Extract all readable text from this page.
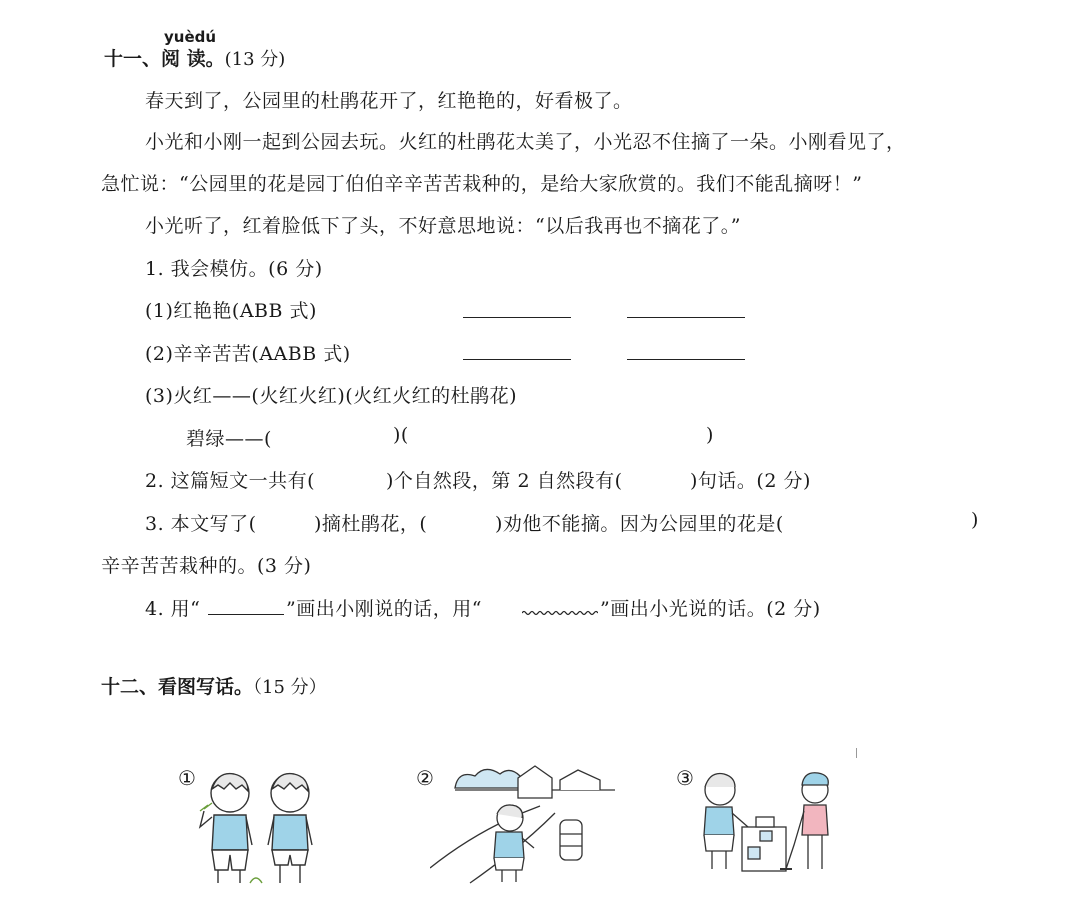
yuèdú
十一、阅 读。(13 分)
春天到了，公园里的杜鹃花开了，红艳艳的，好看极了。
小光和小刚一起到公园去玩。火红的杜鹃花太美了，小光忍不住摘了一朵。小刚看见了，
急忙说：“公园里的花是园丁伯伯辛辛苦苦栽种的，是给大家欣赏的。我们不能乱摘呀！”
小光听了，红着脸低下了头，不好意思地说：“以后我再也不摘花了。”
1. 我会模仿。(6 分)
(1)红艳艳(ABB 式)
(2)辛辛苦苦(AABB 式)
(3)火红——(火红火红)(火红火红的杜鹃花)
碧绿——(	)(	)
2. 这篇短文一共有(	)个自然段，第 2 自然段有(	)句话。(2 分)
3. 本文写了(	)摘杜鹃花，(	)劝他不能摘。因为公园里的花是(	)
辛辛苦苦栽种的。(3 分)
4. 用“	”画出小刚说的话，用“	”画出小光说的话。(2 分)
十二、看图写话。（15 分）
①	②	③
